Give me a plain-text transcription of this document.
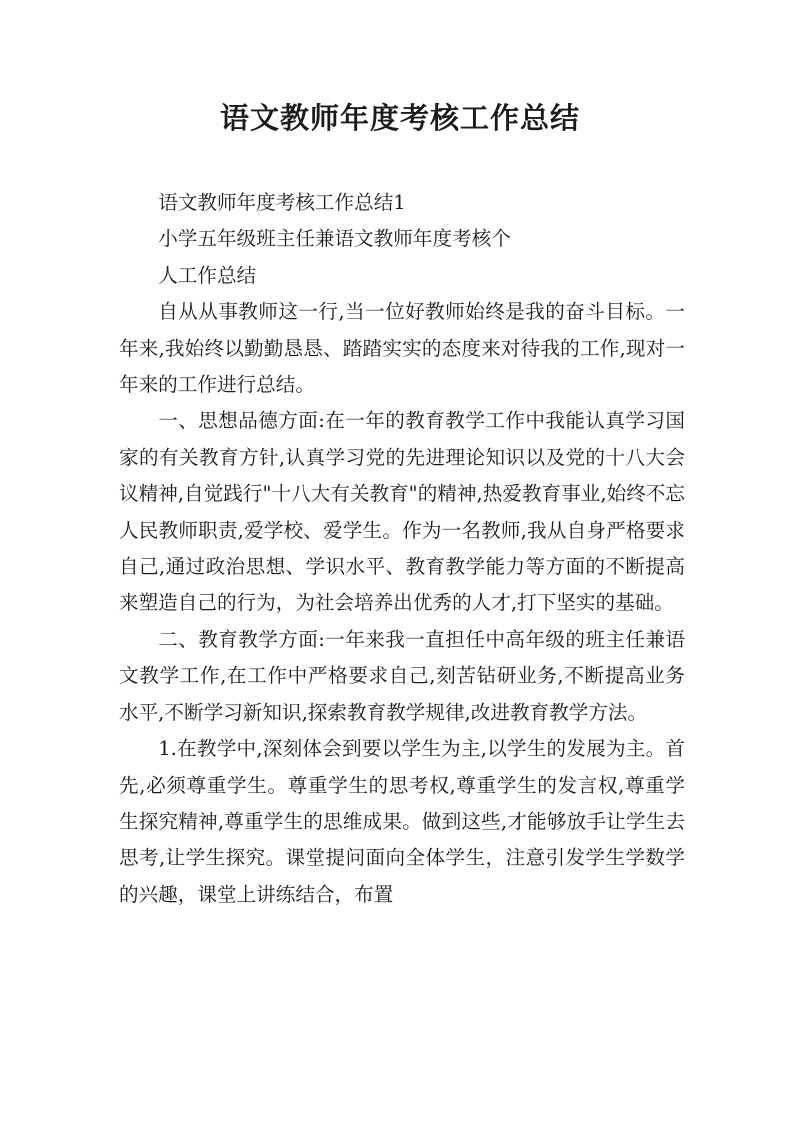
语文教师年度考核工作总结

语文教师年度考核工作总结1

小学五年级班主任兼语文教师年度考核个

人工作总结

自从从事教师这一行,当一位好教师始终是我的奋斗目标。一年来,我始终以勤勤恳恳、踏踏实实的态度来对待我的工作,现对一年来的工作进行总结。

一、思想品德方面:在一年的教育教学工作中我能认真学习国家的有关教育方针,认真学习党的先进理论知识以及党的十八大会议精神,自觉践行"十八大有关教育"的精神,热爱教育事业,始终不忘人民教师职责,爱学校、爱学生。作为一名教师,我从自身严格要求自己,通过政治思想、学识水平、教育教学能力等方面的不断提高来塑造自己的行为，为社会培养出优秀的人才,打下坚实的基础。

二、教育教学方面:一年来我一直担任中高年级的班主任兼语文教学工作,在工作中严格要求自己,刻苦钻研业务,不断提高业务水平,不断学习新知识,探索教育教学规律,改进教育教学方法。

1.在教学中,深刻体会到要以学生为主,以学生的发展为主。首先,必须尊重学生。尊重学生的思考权,尊重学生的发言权,尊重学生探究精神,尊重学生的思维成果。做到这些,才能够放手让学生去思考,让学生探究。课堂提问面向全体学生，注意引发学生学数学的兴趣，课堂上讲练结合，布置
